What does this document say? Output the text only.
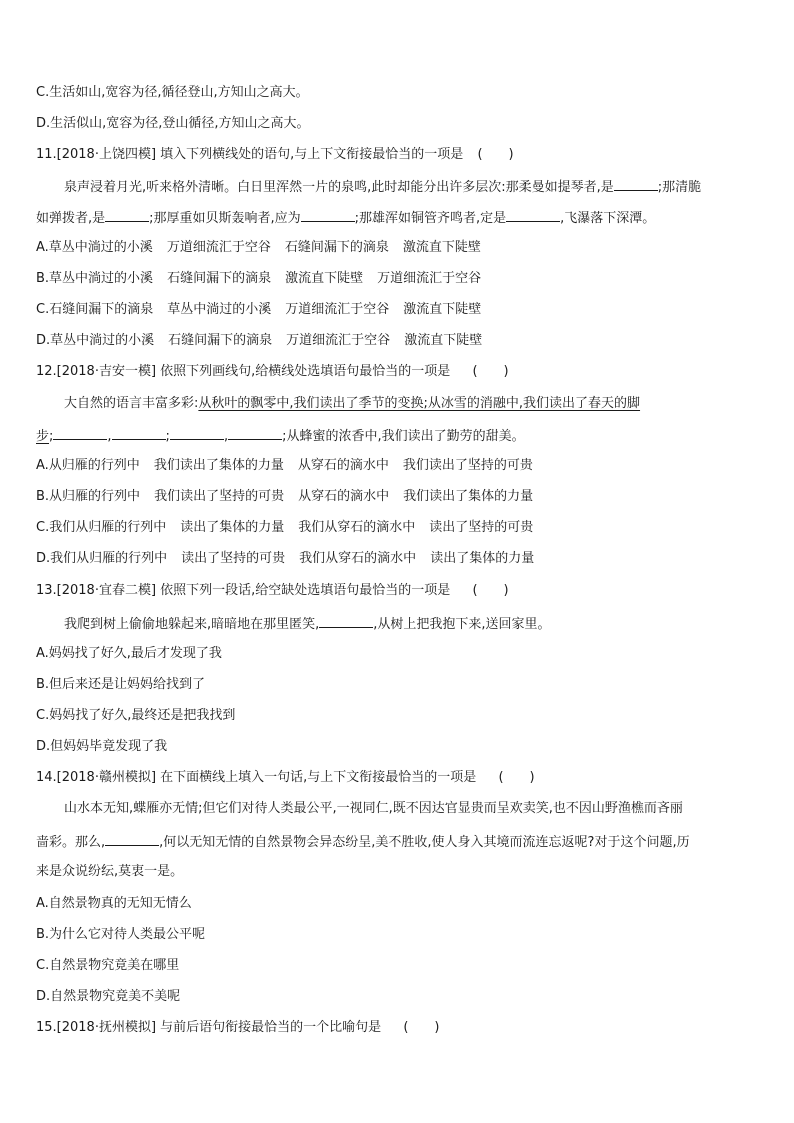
C.生活如山,宽容为径,循径登山,方知山之高大。
D.生活似山,宽容为径,登山循径,方知山之高大。
11.[2018·上饶四模] 填入下列横线处的语句,与上下文衔接最恰当的一项是 (　　)
泉声浸着月光,听来格外清晰。白日里浑然一片的泉鸣,此时却能分出许多层次:那柔曼如提琴者,是	;那清脆
如弹拨者,是	;那厚重如贝斯轰响者,应为	;那雄浑如铜管齐鸣者,定是	,飞瀑落下深潭。
A.草丛中淌过的小溪 万道细流汇于空谷 石缝间漏下的滴泉 激流直下陡壁
B.草丛中淌过的小溪 石缝间漏下的滴泉 激流直下陡壁 万道细流汇于空谷
C.石缝间漏下的滴泉 草丛中淌过的小溪 万道细流汇于空谷 激流直下陡壁
D.草丛中淌过的小溪 石缝间漏下的滴泉 万道细流汇于空谷 激流直下陡壁
12.[2018·吉安一模] 依照下列画线句,给横线处选填语句最恰当的一项是 (　　)
大自然的语言丰富多彩:从秋叶的飘零中,我们读出了季节的变换;从冰雪的消融中,我们读出了春天的脚
步;	,	;	,	;从蜂蜜的浓香中,我们读出了勤劳的甜美。
A.从归雁的行列中 我们读出了集体的力量 从穿石的滴水中 我们读出了坚持的可贵
B.从归雁的行列中 我们读出了坚持的可贵 从穿石的滴水中 我们读出了集体的力量
C.我们从归雁的行列中 读出了集体的力量 我们从穿石的滴水中 读出了坚持的可贵
D.我们从归雁的行列中 读出了坚持的可贵 我们从穿石的滴水中 读出了集体的力量
13.[2018·宜春二模] 依照下列一段话,给空缺处选填语句最恰当的一项是 (　　)
我爬到树上偷偷地躲起来,暗暗地在那里匿笑,	,从树上把我抱下来,送回家里。
A.妈妈找了好久,最后才发现了我
B.但后来还是让妈妈给找到了
C.妈妈找了好久,最终还是把我找到
D.但妈妈毕竟发现了我
14.[2018·赣州模拟] 在下面横线上填入一句话,与上下文衔接最恰当的一项是 (　　)
山水本无知,蝶雁亦无情;但它们对待人类最公平,一视同仁,既不因达官显贵而呈欢卖笑,也不因山野渔樵而吝丽
啬彩。那么,	,何以无知无情的自然景物会异态纷呈,美不胜收,使人身入其境而流连忘返呢?对于这个问题,历
来是众说纷纭,莫衷一是。
A.自然景物真的无知无情么
B.为什么它对待人类最公平呢
C.自然景物究竟美在哪里
D.自然景物究竟美不美呢
15.[2018·抚州模拟] 与前后语句衔接最恰当的一个比喻句是 (　　)
